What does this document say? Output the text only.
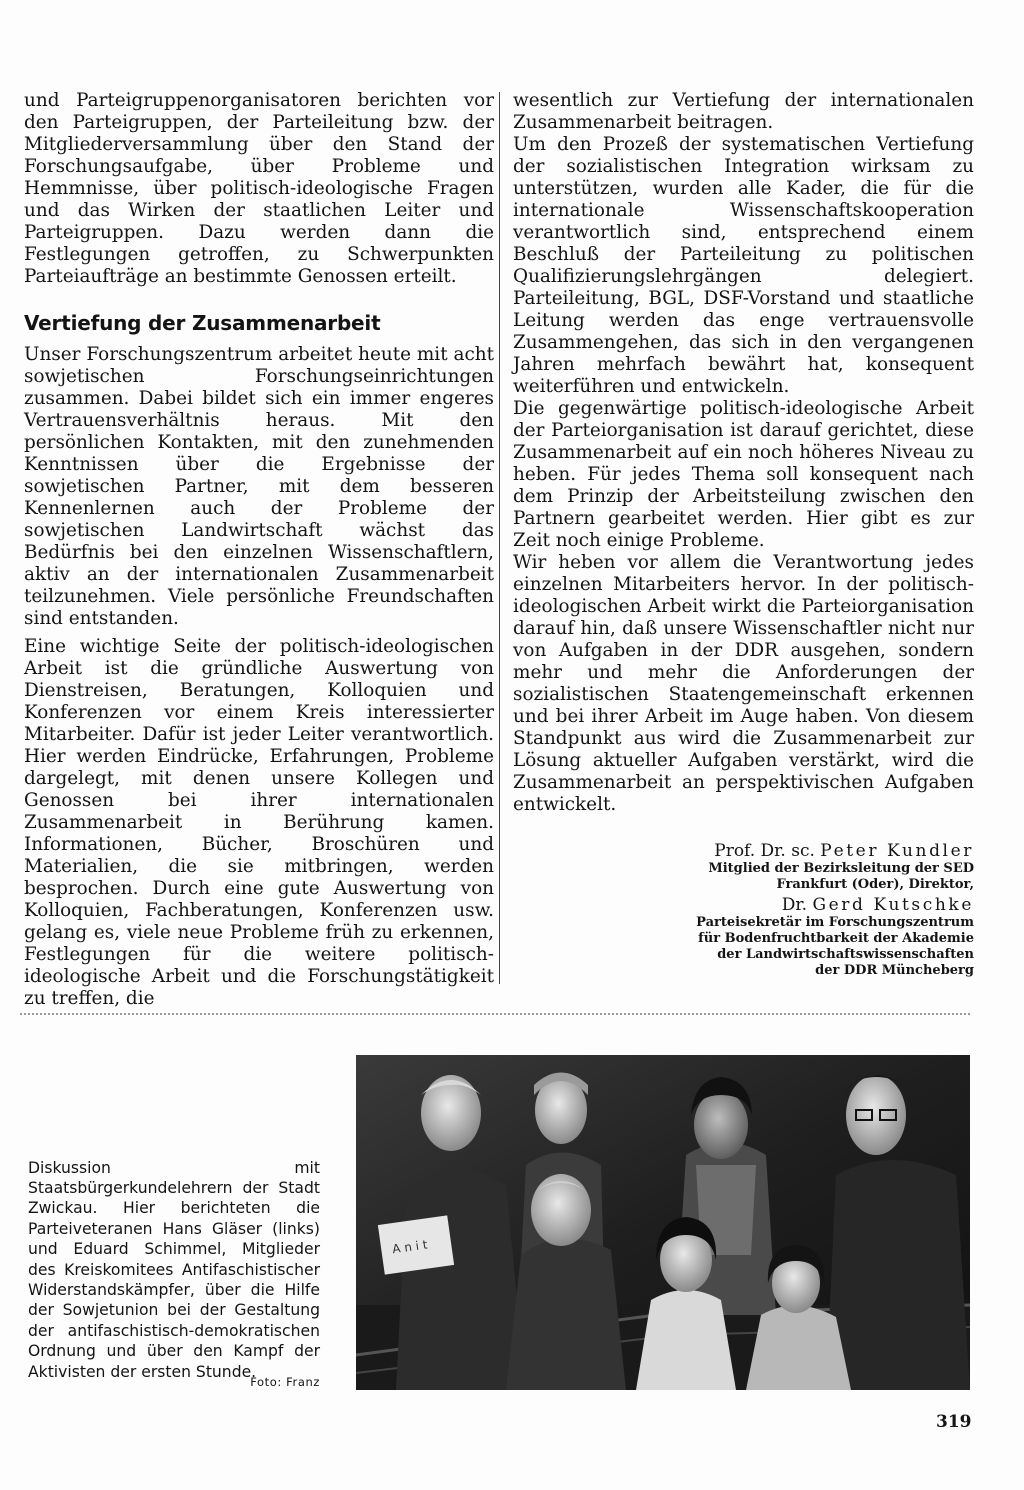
und Parteigruppenorganisatoren berichten vor den Parteigruppen, der Parteileitung bzw. der Mitgliederversammlung über den Stand der Forschungsaufgabe, über Probleme und Hemmnisse, über politisch-ideologische Fragen und das Wirken der staatlichen Leiter und Parteigruppen. Dazu werden dann die Festlegungen getroffen, zu Schwerpunkten Parteiaufträge an bestimmte Genossen erteilt.

Vertiefung der Zusammenarbeit

Unser Forschungszentrum arbeitet heute mit acht sowjetischen Forschungseinrichtungen zusammen. Dabei bildet sich ein immer engeres Vertrauensverhältnis heraus. Mit den persönlichen Kontakten, mit den zunehmenden Kenntnissen über die Ergebnisse der sowjetischen Partner, mit dem besseren Kennenlernen auch der Probleme der sowjetischen Landwirtschaft wächst das Bedürfnis bei den einzelnen Wissenschaftlern, aktiv an der internationalen Zusammenarbeit teilzunehmen. Viele persönliche Freundschaften sind entstanden.

Eine wichtige Seite der politisch-ideologischen Arbeit ist die gründliche Auswertung von Dienstreisen, Beratungen, Kolloquien und Konferenzen vor einem Kreis interessierter Mitarbeiter. Dafür ist jeder Leiter verantwortlich. Hier werden Eindrücke, Erfahrungen, Probleme dargelegt, mit denen unsere Kollegen und Genossen bei ihrer internationalen Zusammenarbeit in Berührung kamen. Informationen, Bücher, Broschüren und Materialien, die sie mitbringen, werden besprochen. Durch eine gute Auswertung von Kolloquien, Fachberatungen, Konferenzen usw. gelang es, viele neue Probleme früh zu erkennen, Festlegungen für die weitere politisch-ideologische Arbeit und die Forschungstätigkeit zu treffen, die

wesentlich zur Vertiefung der internationalen Zusammenarbeit beitragen.

Um den Prozeß der systematischen Vertiefung der sozialistischen Integration wirksam zu unterstützen, wurden alle Kader, die für die internationale Wissenschaftskooperation verantwortlich sind, entsprechend einem Beschluß der Parteileitung zu politischen Qualifizierungslehrgängen delegiert. Parteileitung, BGL, DSF-Vorstand und staatliche Leitung werden das enge vertrauensvolle Zusammengehen, das sich in den vergangenen Jahren mehrfach bewährt hat, konsequent weiterführen und entwickeln.

Die gegenwärtige politisch-ideologische Arbeit der Parteiorganisation ist darauf gerichtet, diese Zusammenarbeit auf ein noch höheres Niveau zu heben. Für jedes Thema soll konsequent nach dem Prinzip der Arbeitsteilung zwischen den Partnern gearbeitet werden. Hier gibt es zur Zeit noch einige Probleme.

Wir heben vor allem die Verantwortung jedes einzelnen Mitarbeiters hervor. In der politisch-ideologischen Arbeit wirkt die Parteiorganisation darauf hin, daß unsere Wissenschaftler nicht nur von Aufgaben in der DDR ausgehen, sondern mehr und mehr die Anforderungen der sozialistischen Staatengemeinschaft erkennen und bei ihrer Arbeit im Auge haben. Von diesem Standpunkt aus wird die Zusammenarbeit zur Lösung aktueller Aufgaben verstärkt, wird die Zusammenarbeit an perspektivischen Aufgaben entwickelt.

Prof. Dr. sc. Peter Kundler

Mitglied der Bezirksleitung der SED

Frankfurt (Oder), Direktor,

Dr. Gerd Kutschke

Parteisekretär im Forschungszentrum

für Bodenfruchtbarkeit der Akademie

der Landwirtschaftswissenschaften

der DDR Müncheberg

Diskussion mit Staatsbürgerkundelehrern der Stadt Zwickau. Hier berichteten die Parteiveteranen Hans Gläser (links) und Eduard Schimmel, Mitglieder des Kreiskomitees Antifaschistischer Widerstandskämpfer, über die Hilfe der Sowjetunion bei der Gestaltung der antifaschistisch-demokratischen Ordnung und über den Kampf der Aktivisten der ersten Stunde.

Foto: Franz
A n i t
319
